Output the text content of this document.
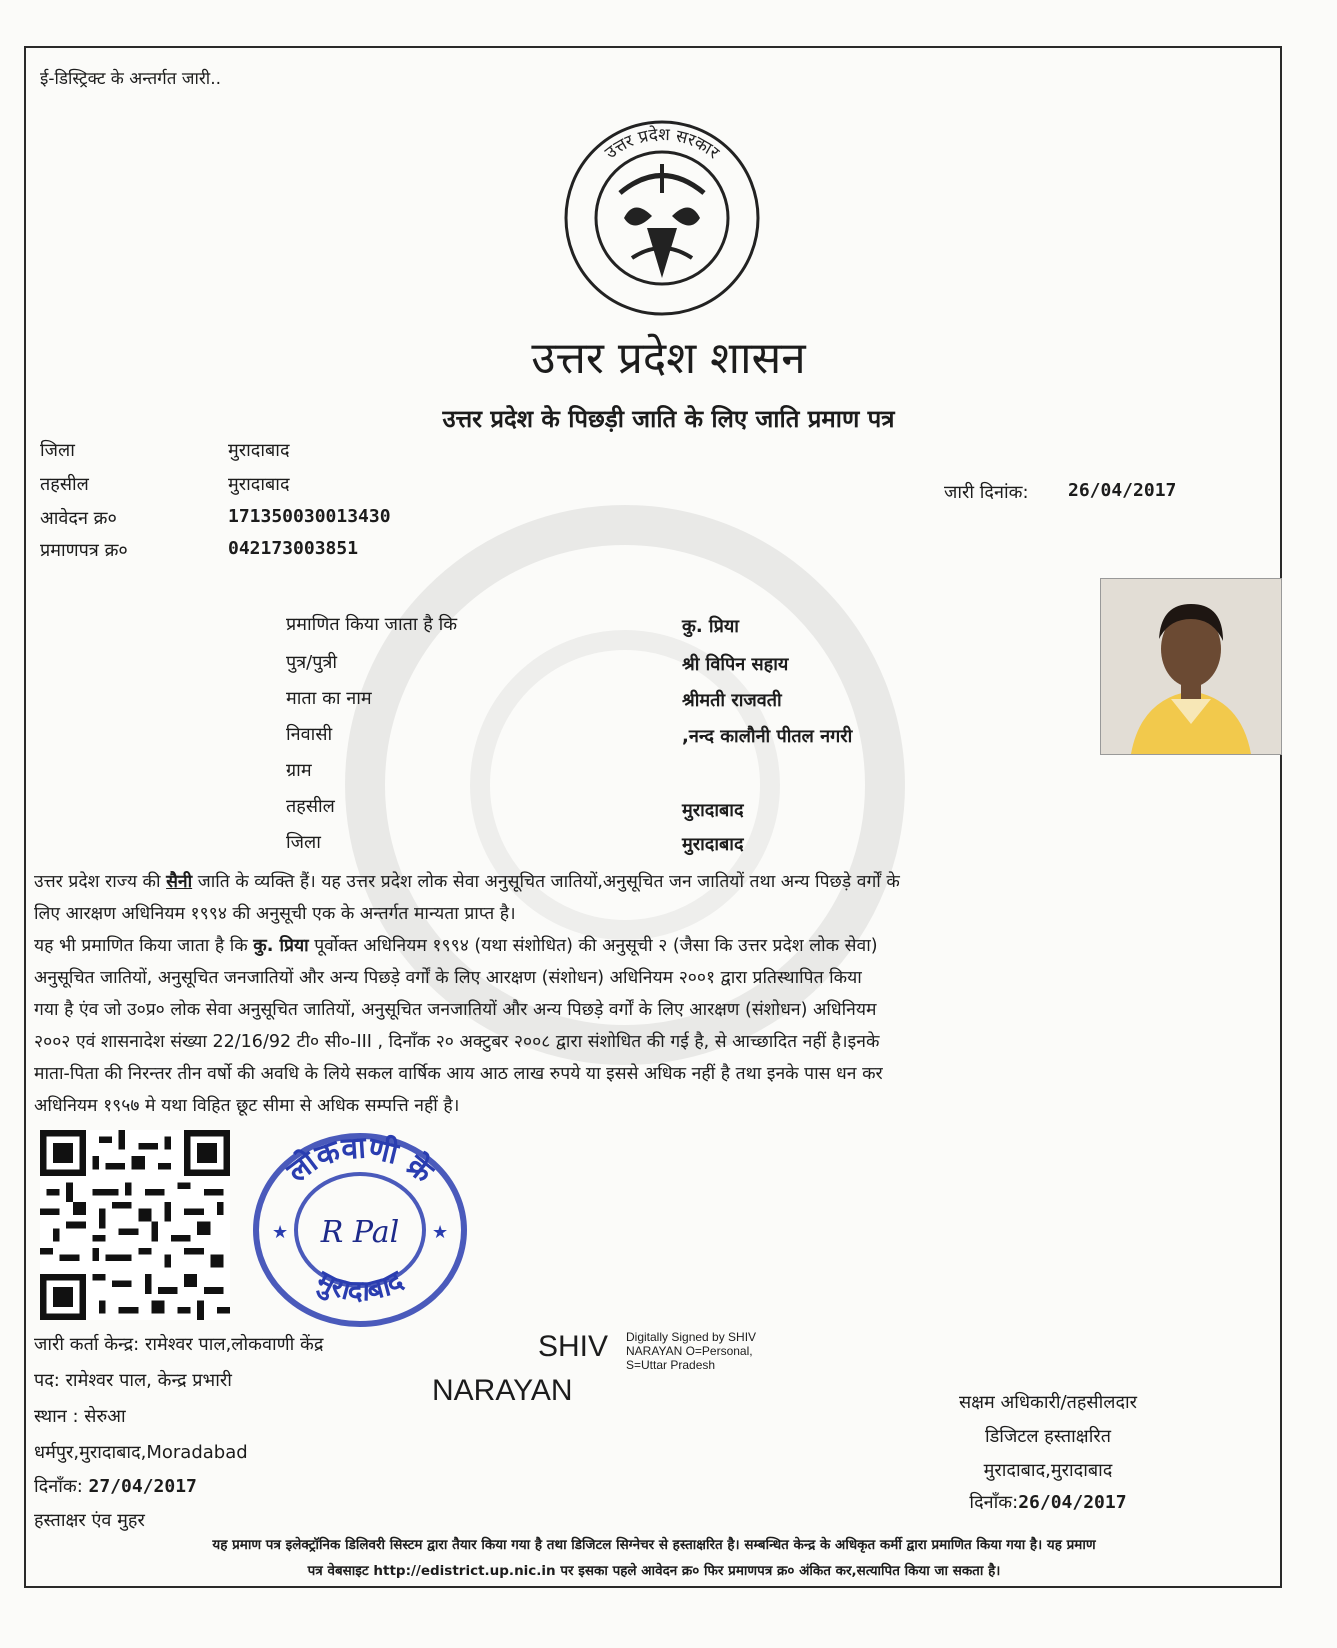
ई-डिस्ट्रिक्ट के अन्तर्गत जारी..
उत्तर प्रदेश सरकार
उत्तर प्रदेश शासन
उत्तर प्रदेश के पिछड़ी जाति के लिए जाति प्रमाण पत्र
जिला	मुरादाबाद
तहसील	मुरादाबाद
आवेदन क्र०	171350030013430
प्रमाणपत्र क्र०	042173003851
जारी दिनांक: 26/04/2017
प्रमाणित किया जाता है कि	कु. प्रिया
पुत्र/पुत्री	श्री विपिन सहाय
माता का नाम	श्रीमती राजवती
निवासी	,नन्द कालौनी पीतल नगरी
ग्राम
तहसील	मुरादाबाद
जिला	मुरादाबाद
उत्तर प्रदेश राज्य की सैनी जाति के व्यक्ति हैं। यह उत्तर प्रदेश लोक सेवा अनुसूचित जातियों,अनुसूचित जन जातियों तथा अन्य पिछड़े वर्गों के
लिए आरक्षण अधिनियम १९९४ की अनुसूची एक के अन्तर्गत मान्यता प्राप्त है।
यह भी प्रमाणित किया जाता है कि कु. प्रिया पूर्वोक्त अधिनियम १९९४ (यथा संशोधित) की अनुसूची २ (जैसा कि उत्तर प्रदेश लोक सेवा)
अनुसूचित जातियों, अनुसूचित जनजातियों और अन्य पिछड़े वर्गों के लिए आरक्षण (संशोधन) अधिनियम २००१ द्वारा प्रतिस्थापित किया
गया है एंव जो उ०प्र० लोक सेवा अनुसूचित जातियों, अनुसूचित जनजातियों और अन्य पिछड़े वर्गों के लिए आरक्षण (संशोधन) अधिनियम
२००२ एवं शासनादेश संख्या 22/16/92 टी० सी०-III , दिनाँक २० अक्टुबर २००८ द्वारा संशोधित की गई है, से आच्छादित नहीं है।इनके
माता-पिता की निरन्तर तीन वर्षो की अवधि के लिये सकल वार्षिक आय आठ लाख रुपये या इससे अधिक नहीं है तथा इनके पास धन कर
अधिनियम १९५७ मे यथा विहित छूट सीमा से अधिक सम्पत्ति नहीं है।
लोकवाणी क्रे
मुरादाबाद
★	★
R Pal
जारी कर्ता केन्द्र: रामेश्वर पाल,लोकवाणी केंद्र
पद: रामेश्वर पाल, केन्द्र प्रभारी
स्थान : सेरुआ
धर्मपुर,मुरादाबाद,Moradabad
दिनाँक: 27/04/2017
हस्ताक्षर एंव मुहर
SHIV
NARAYAN
Digitally Signed by SHIV
NARAYAN O=Personal,
S=Uttar Pradesh
सक्षम अधिकारी/तहसीलदार
डिजिटल हस्ताक्षरित
मुरादाबाद,मुरादाबाद
दिनाँक:26/04/2017
यह प्रमाण पत्र इलेक्ट्रॉनिक डिलिवरी सिस्टम द्वारा तैयार किया गया है तथा डिजिटल सिग्नेचर से हस्ताक्षरित है। सम्बन्धित केन्द्र के अधिकृत कर्मी द्वारा प्रमाणित किया गया है। यह प्रमाण
पत्र वेबसाइट http://edistrict.up.nic.in पर इसका पहले आवेदन क्र० फिर प्रमाणपत्र क्र० अंकित कर,सत्यापित किया जा सकता है।
